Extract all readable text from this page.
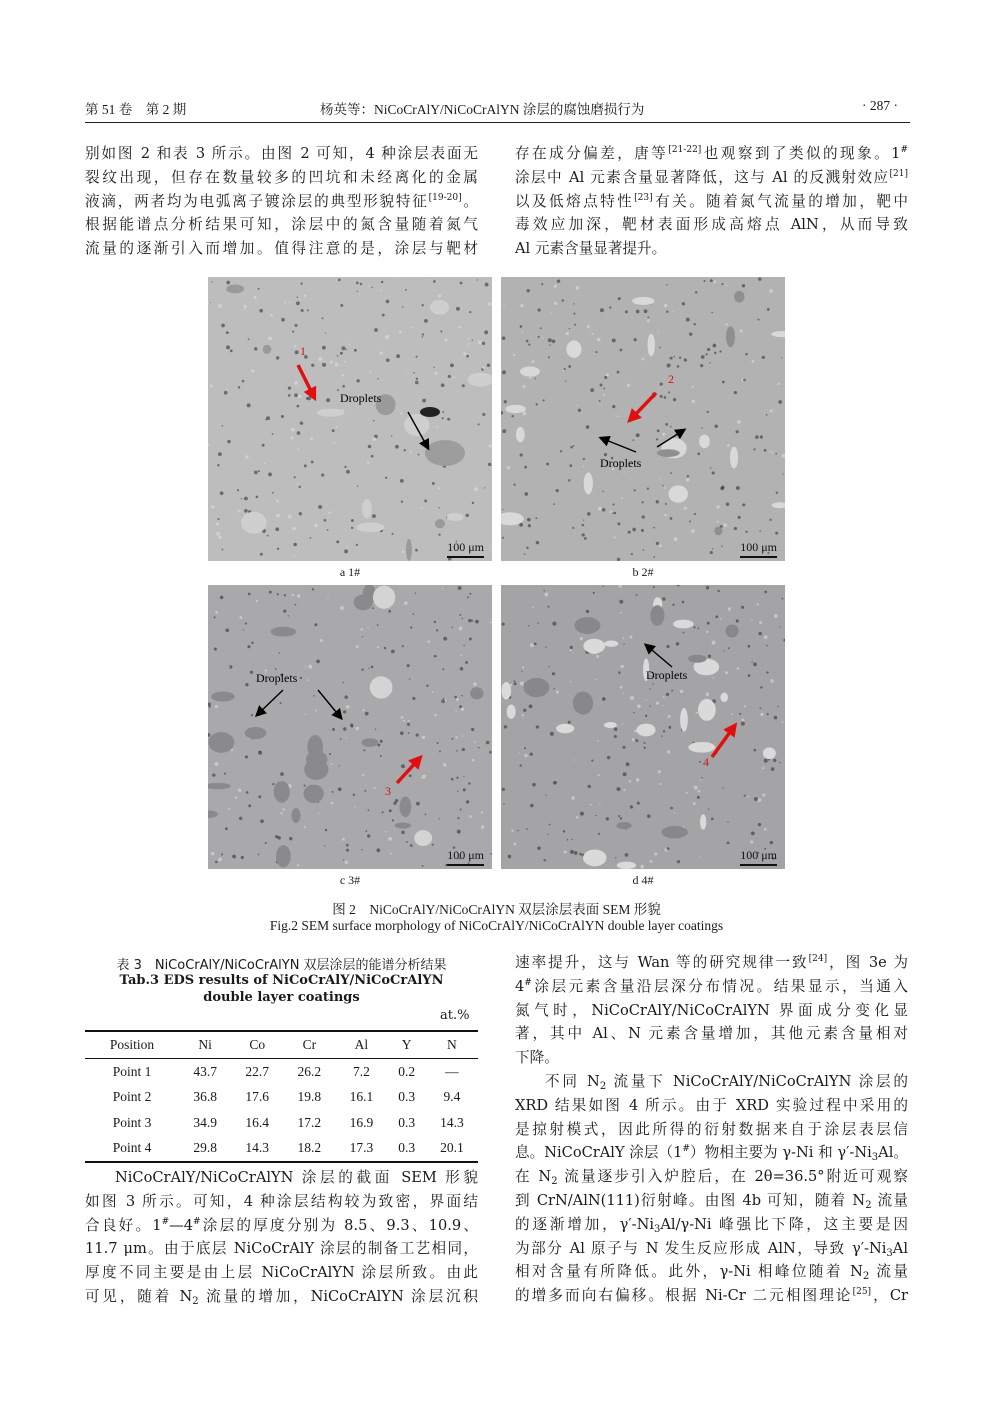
第 51 卷　第 2 期	杨英等：NiCoCrAlY/NiCoCrAlYN 涂层的腐蚀磨损行为	· 287 ·
别如图 2 和表 3 所示。由图 2 可知，4 种涂层表面无
裂纹出现，但存在数量较多的凹坑和未经离化的金属
液滴，两者均为电弧离子镀涂层的典型形貌特征[19-20]。
根据能谱点分析结果可知，涂层中的氮含量随着氮气
流量的逐渐引入而增加。值得注意的是，涂层与靶材
存在成分偏差，唐等[21-22]也观察到了类似的现象。1#
涂层中 Al 元素含量显著降低，这与 Al 的反溅射效应[21]
以及低熔点特性[23]有关。随着氮气流量的增加，靶中
毒效应加深，靶材表面形成高熔点 AlN，从而导致
Al 元素含量显著提升。
1
Droplets
100 μm
2
Droplets
100 μm
3
Droplets
100 μm
4
Droplets
100 μm
a 1#	b 2#
c 3#	d 4#
图 2　NiCoCrAlY/NiCoCrAlYN 双层涂层表面 SEM 形貌
Fig.2 SEM surface morphology of NiCoCrAlY/NiCoCrAlYN double layer coatings
表 3　NiCoCrAlY/NiCoCrAlYN 双层涂层的能谱分析结果
Tab.3 EDS results of NiCoCrAlY/NiCoCrAlYN
double layer coatings
at.%
Position	Ni	Co	Cr	Al	Y	N
Point 1	43.7	22.7	26.2	7.2	0.2	—
Point 2	36.8	17.6	19.8	16.1	0.3	9.4
Point 3	34.9	16.4	17.2	16.9	0.3	14.3
Point 4	29.8	14.3	18.2	17.3	0.3	20.1
NiCoCrAlY/NiCoCrAlYN 涂层的截面 SEM 形貌
如图 3 所示。可知，4 种涂层结构较为致密，界面结
合良好。1#—4#涂层的厚度分别为 8.5、9.3、10.9、
11.7 μm。由于底层 NiCoCrAlY 涂层的制备工艺相同，
厚度不同主要是由上层 NiCoCrAlYN 涂层所致。由此
可见，随着 $N_2$ 流量的增加，NiCoCrAlYN 涂层沉积
速率提升，这与 Wan 等的研究规律一致[24]，图 3e 为
4#涂层元素含量沿层深分布情况。结果显示，当通入
氮气时，NiCoCrAlY/NiCoCrAlYN 界面成分变化显
著，其中 Al、N 元素含量增加，其他元素含量相对
下降。
不同 $N_2$ 流量下 NiCoCrAlY/NiCoCrAlYN 涂层的
XRD 结果如图 4 所示。由于 XRD 实验过程中采用的
是掠射模式，因此所得的衍射数据来自于涂层表层信
息。NiCoCrAlY 涂层（1#）物相主要为 γ-Ni 和 $\gamma'-Ni_3Al$。
在 $N_2$ 流量逐步引入炉腔后，在 2θ=36.5°附近可观察
到 CrN/AlN(111)衍射峰。由图 4b 可知，随着 $N_2$ 流量
的逐渐增加，$\gamma'-Ni_3Al/\gamma-Ni$ 峰强比下降，这主要是因
为部分 Al 原子与 N 发生反应形成 AlN，导致 $\gamma'-Ni_3Al$
相对含量有所降低。此外，γ-Ni 相峰位随着 $N_2$ 流量
的增多而向右偏移。根据 Ni-Cr 二元相图理论[25]，Cr
